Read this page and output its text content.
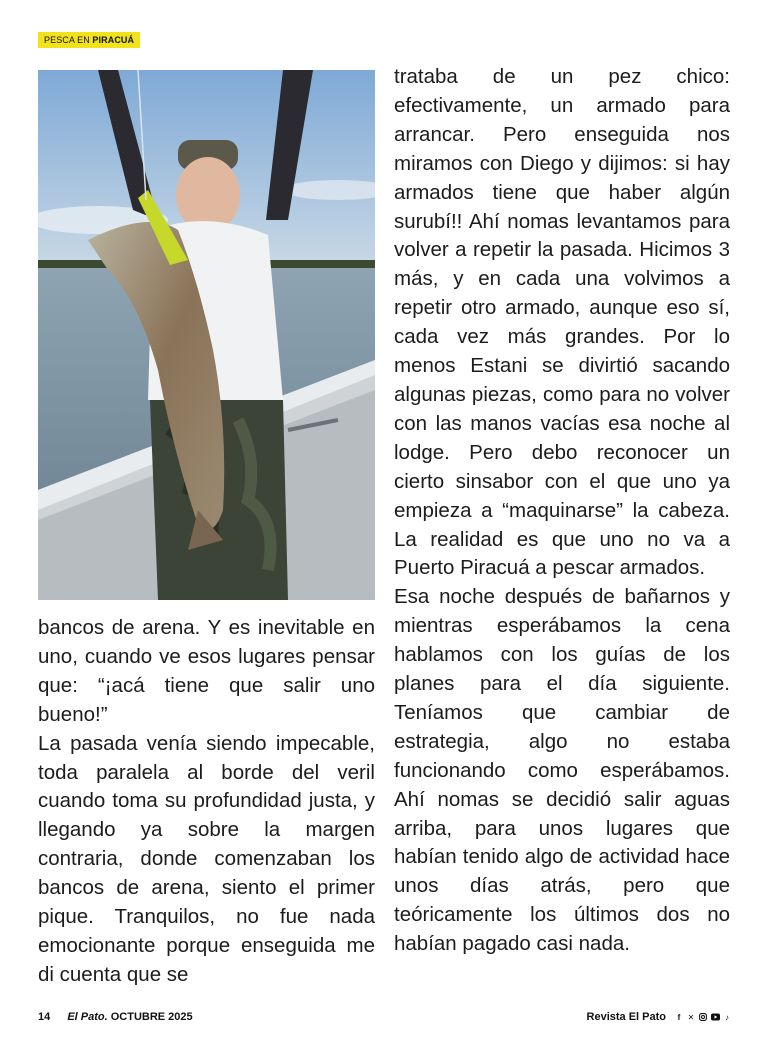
PESCA EN PIRACUÁ

bancos de arena. Y es inevitable en uno, cuando ve esos lugares pensar que: “¡acá tiene que salir uno bueno!”

La pasada venía siendo impecable, toda paralela al borde del veril cuando toma su profundidad justa, y llegando ya sobre la margen contraria, donde comenzaban los bancos de arena, siento el primer pique. Tranquilos, no fue nada emocionante porque enseguida me di cuenta que se

trataba de un pez chico: efectivamente, un armado para arrancar. Pero enseguida nos miramos con Diego y dijimos: si hay armados tiene que haber algún surubí!! Ahí nomas levantamos para volver a repetir la pasada. Hicimos 3 más, y en cada una volvimos a repetir otro armado, aunque eso sí, cada vez más grandes. Por lo menos Estani se divirtió sacando algunas piezas, como para no volver con las manos vacías esa noche al lodge. Pero debo reconocer un cierto sinsabor con el que uno ya empieza a “maquinarse” la cabeza. La realidad es que uno no va a Puerto Piracuá a pescar armados.

Esa noche después de bañarnos y mientras esperábamos la cena hablamos con los guías de los planes para el día siguiente. Teníamos que cambiar de estrategia, algo no estaba funcionando como esperábamos. Ahí nomas se decidió salir aguas arriba, para unos lugares que habían tenido algo de actividad hace unos días atrás, pero que teóricamente los últimos dos no habían pagado casi nada.

14 El Pato. OCTUBRE 2025	Revista El Pato	f ✕	♪
